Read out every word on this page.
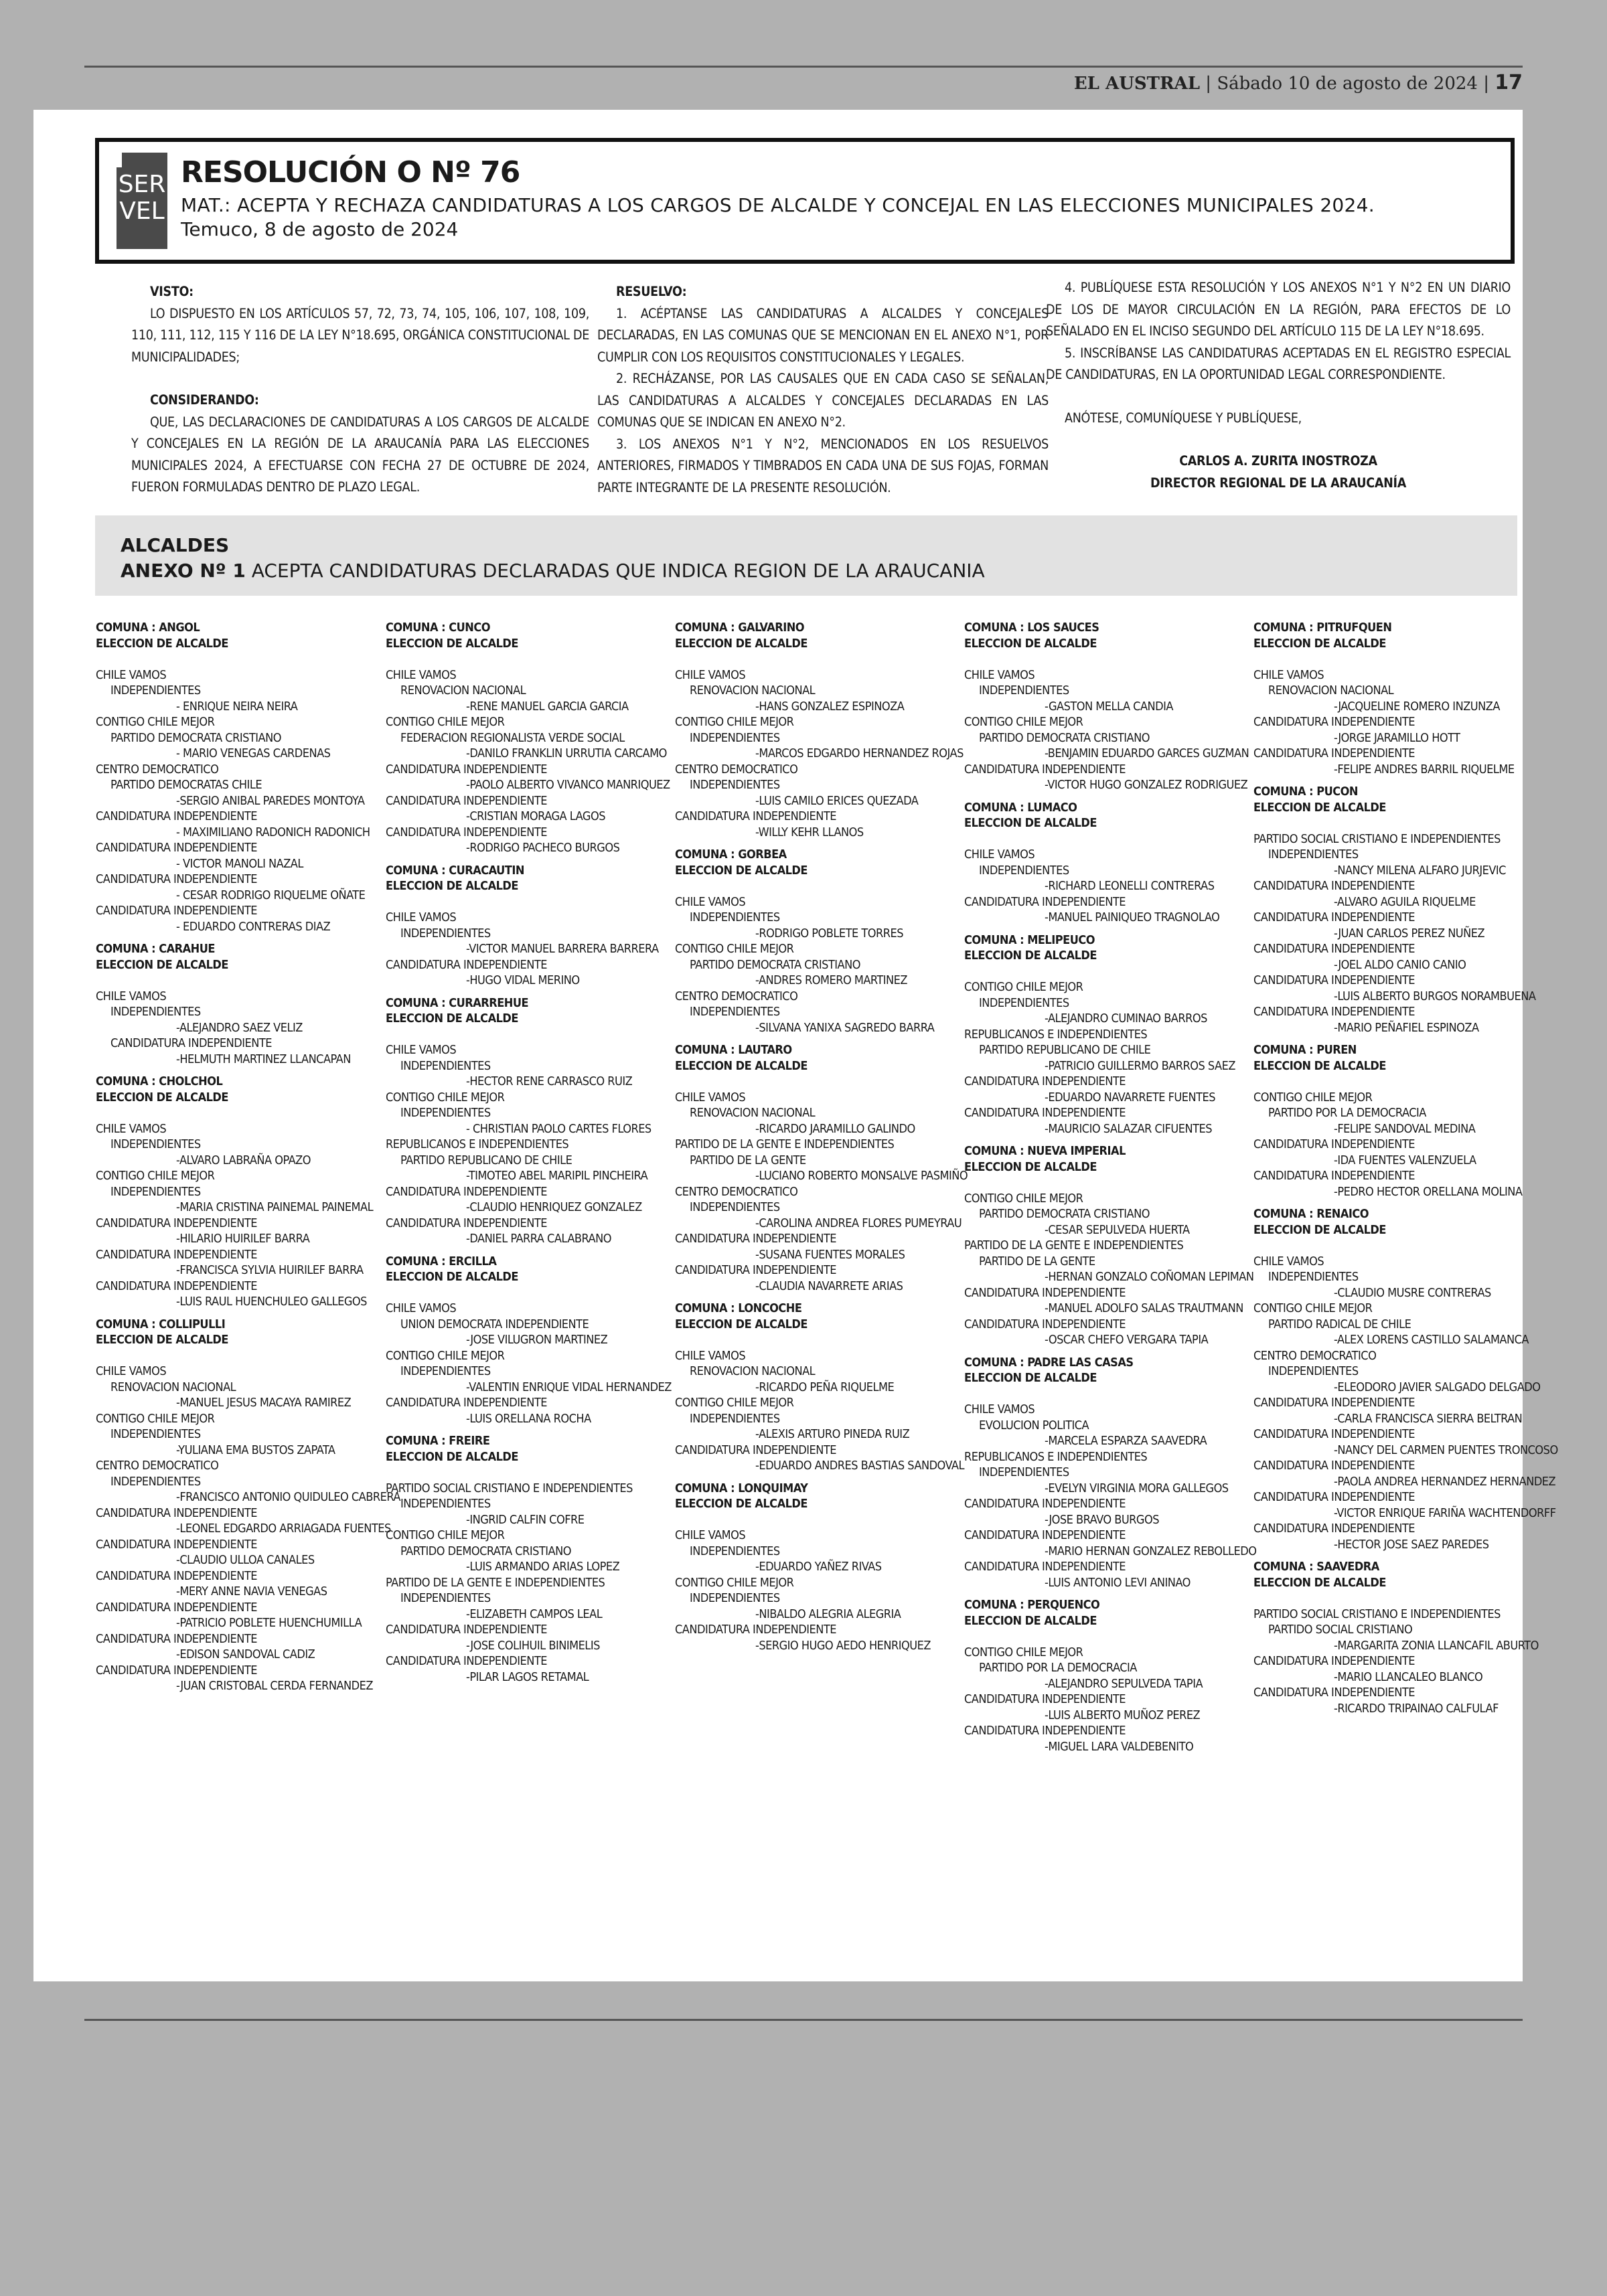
EL AUSTRAL | Sábado 10 de agosto de 2024 | 17
SER
VEL
RESOLUCIÓN O Nº 76
MAT.: ACEPTA Y RECHAZA CANDIDATURAS A LOS CARGOS DE ALCALDE Y CONCEJAL EN LAS ELECCIONES MUNICIPALES 2024.
Temuco, 8 de agosto de 2024
VISTO:

LO DISPUESTO EN LOS ARTÍCULOS 57, 72, 73, 74, 105, 106, 107, 108, 109, 110, 111, 112, 115 Y 116 DE LA LEY N°18.695, ORGÁNICA CONSTITUCIONAL DE MUNICIPALIDADES;

CONSIDERANDO:

QUE, LAS DECLARACIONES DE CANDIDATURAS A LOS CARGOS DE ALCALDE Y CONCEJALES EN LA REGIÓN DE LA ARAUCANÍA PARA LAS ELECCIONES MUNICIPALES 2024, A EFECTUARSE CON FECHA 27 DE OCTUBRE DE 2024, FUERON FORMULADAS DENTRO DE PLAZO LEGAL.

RESUELVO:

1. ACÉPTANSE LAS CANDIDATURAS A ALCALDES Y CONCEJALES DECLARADAS, EN LAS COMUNAS QUE SE MENCIONAN EN EL ANEXO N°1, POR CUMPLIR CON LOS REQUISITOS CONSTITUCIONALES Y LEGALES.

2. RECHÁZANSE, POR LAS CAUSALES QUE EN CADA CASO SE SEÑALAN, LAS CANDIDATURAS A ALCALDES Y CONCEJALES DECLARADAS EN LAS COMUNAS QUE SE INDICAN EN ANEXO N°2.

3. LOS ANEXOS N°1 Y N°2, MENCIONADOS EN LOS RESUELVOS ANTERIORES, FIRMADOS Y TIMBRADOS EN CADA UNA DE SUS FOJAS, FORMAN PARTE INTEGRANTE DE LA PRESENTE RESOLUCIÓN.

4. PUBLÍQUESE ESTA RESOLUCIÓN Y LOS ANEXOS N°1 Y N°2 EN UN DIARIO DE LOS DE MAYOR CIRCULACIÓN EN LA REGIÓN, PARA EFECTOS DE LO SEÑALADO EN EL INCISO SEGUNDO DEL ARTÍCULO 115 DE LA LEY N°18.695.

5. INSCRÍBANSE LAS CANDIDATURAS ACEPTADAS EN EL REGISTRO ESPECIAL DE CANDIDATURAS, EN LA OPORTUNIDAD LEGAL CORRESPONDIENTE.

ANÓTESE, COMUNÍQUESE Y PUBLÍQUESE,

CARLOS A. ZURITA INOSTROZA
DIRECTOR REGIONAL DE LA ARAUCANÍA
ALCALDES
ANEXO Nº 1 ACEPTA CANDIDATURAS DECLARADAS QUE INDICA REGION DE LA ARAUCANIA
COMUNA : ANGOL
ELECCION DE ALCALDE
CHILE VAMOS
INDEPENDIENTES
- ENRIQUE NEIRA NEIRA
CONTIGO CHILE MEJOR
PARTIDO DEMOCRATA CRISTIANO
- MARIO VENEGAS CARDENAS
CENTRO DEMOCRATICO
PARTIDO DEMOCRATAS CHILE
-SERGIO ANIBAL PAREDES MONTOYA
CANDIDATURA INDEPENDIENTE
- MAXIMILIANO RADONICH RADONICH
CANDIDATURA INDEPENDIENTE
- VICTOR MANOLI NAZAL
CANDIDATURA INDEPENDIENTE
- CESAR RODRIGO RIQUELME OÑATE
CANDIDATURA INDEPENDIENTE
- EDUARDO CONTRERAS DIAZ
COMUNA : CARAHUE
ELECCION DE ALCALDE
CHILE VAMOS
INDEPENDIENTES
-ALEJANDRO SAEZ VELIZ
CANDIDATURA INDEPENDIENTE
-HELMUTH MARTINEZ LLANCAPAN
COMUNA : CHOLCHOL
ELECCION DE ALCALDE
CHILE VAMOS
INDEPENDIENTES
-ALVARO LABRAÑA OPAZO
CONTIGO CHILE MEJOR
INDEPENDIENTES
-MARIA CRISTINA PAINEMAL PAINEMAL
CANDIDATURA INDEPENDIENTE
-HILARIO HUIRILEF BARRA
CANDIDATURA INDEPENDIENTE
-FRANCISCA SYLVIA HUIRILEF BARRA
CANDIDATURA INDEPENDIENTE
-LUIS RAUL HUENCHULEO GALLEGOS
COMUNA : COLLIPULLI
ELECCION DE ALCALDE
CHILE VAMOS
RENOVACION NACIONAL
-MANUEL JESUS MACAYA RAMIREZ
CONTIGO CHILE MEJOR
INDEPENDIENTES
-YULIANA EMA BUSTOS ZAPATA
CENTRO DEMOCRATICO
INDEPENDIENTES
-FRANCISCO ANTONIO QUIDULEO CABRERA
CANDIDATURA INDEPENDIENTE
-LEONEL EDGARDO ARRIAGADA FUENTES
CANDIDATURA INDEPENDIENTE
-CLAUDIO ULLOA CANALES
CANDIDATURA INDEPENDIENTE
-MERY ANNE NAVIA VENEGAS
CANDIDATURA INDEPENDIENTE
-PATRICIO POBLETE HUENCHUMILLA
CANDIDATURA INDEPENDIENTE
-EDISON SANDOVAL CADIZ
CANDIDATURA INDEPENDIENTE
-JUAN CRISTOBAL CERDA FERNANDEZ
COMUNA : CUNCO
ELECCION DE ALCALDE
CHILE VAMOS
RENOVACION NACIONAL
-RENE MANUEL GARCIA GARCIA
CONTIGO CHILE MEJOR
FEDERACION REGIONALISTA VERDE SOCIAL
-DANILO FRANKLIN URRUTIA CARCAMO
CANDIDATURA INDEPENDIENTE
-PAOLO ALBERTO VIVANCO MANRIQUEZ
CANDIDATURA INDEPENDIENTE
-CRISTIAN MORAGA LAGOS
CANDIDATURA INDEPENDIENTE
-RODRIGO PACHECO BURGOS
COMUNA : CURACAUTIN
ELECCION DE ALCALDE
CHILE VAMOS
INDEPENDIENTES
-VICTOR MANUEL BARRERA BARRERA
CANDIDATURA INDEPENDIENTE
-HUGO VIDAL MERINO
COMUNA : CURARREHUE
ELECCION DE ALCALDE
CHILE VAMOS
INDEPENDIENTES
-HECTOR RENE CARRASCO RUIZ
CONTIGO CHILE MEJOR
INDEPENDIENTES
- CHRISTIAN PAOLO CARTES FLORES
REPUBLICANOS E INDEPENDIENTES
PARTIDO REPUBLICANO DE CHILE
-TIMOTEO ABEL MARIPIL PINCHEIRA
CANDIDATURA INDEPENDIENTE
-CLAUDIO HENRIQUEZ GONZALEZ
CANDIDATURA INDEPENDIENTE
-DANIEL PARRA CALABRANO
COMUNA : ERCILLA
ELECCION DE ALCALDE
CHILE VAMOS
UNION DEMOCRATA INDEPENDIENTE
-JOSE VILUGRON MARTINEZ
CONTIGO CHILE MEJOR
INDEPENDIENTES
-VALENTIN ENRIQUE VIDAL HERNANDEZ
CANDIDATURA INDEPENDIENTE
-LUIS ORELLANA ROCHA
COMUNA : FREIRE
ELECCION DE ALCALDE
PARTIDO SOCIAL CRISTIANO E INDEPENDIENTES
INDEPENDIENTES
-INGRID CALFIN COFRE
CONTIGO CHILE MEJOR
PARTIDO DEMOCRATA CRISTIANO
-LUIS ARMANDO ARIAS LOPEZ
PARTIDO DE LA GENTE E INDEPENDIENTES
INDEPENDIENTES
-ELIZABETH CAMPOS LEAL
CANDIDATURA INDEPENDIENTE
-JOSE COLIHUIL BINIMELIS
CANDIDATURA INDEPENDIENTE
-PILAR LAGOS RETAMAL
COMUNA : GALVARINO
ELECCION DE ALCALDE
CHILE VAMOS
RENOVACION NACIONAL
-HANS GONZALEZ ESPINOZA
CONTIGO CHILE MEJOR
INDEPENDIENTES
-MARCOS EDGARDO HERNANDEZ ROJAS
CENTRO DEMOCRATICO
INDEPENDIENTES
-LUIS CAMILO ERICES QUEZADA
CANDIDATURA INDEPENDIENTE
-WILLY KEHR LLANOS
COMUNA : GORBEA
ELECCION DE ALCALDE
CHILE VAMOS
INDEPENDIENTES
-RODRIGO POBLETE TORRES
CONTIGO CHILE MEJOR
PARTIDO DEMOCRATA CRISTIANO
-ANDRES ROMERO MARTINEZ
CENTRO DEMOCRATICO
INDEPENDIENTES
-SILVANA YANIXA SAGREDO BARRA
COMUNA : LAUTARO
ELECCION DE ALCALDE
CHILE VAMOS
RENOVACION NACIONAL
-RICARDO JARAMILLO GALINDO
PARTIDO DE LA GENTE E INDEPENDIENTES
PARTIDO DE LA GENTE
-LUCIANO ROBERTO MONSALVE PASMIÑO
CENTRO DEMOCRATICO
INDEPENDIENTES
-CAROLINA ANDREA FLORES PUMEYRAU
CANDIDATURA INDEPENDIENTE
-SUSANA FUENTES MORALES
CANDIDATURA INDEPENDIENTE
-CLAUDIA NAVARRETE ARIAS
COMUNA : LONCOCHE
ELECCION DE ALCALDE
CHILE VAMOS
RENOVACION NACIONAL
-RICARDO PEÑA RIQUELME
CONTIGO CHILE MEJOR
INDEPENDIENTES
-ALEXIS ARTURO PINEDA RUIZ
CANDIDATURA INDEPENDIENTE
-EDUARDO ANDRES BASTIAS SANDOVAL
COMUNA : LONQUIMAY
ELECCION DE ALCALDE
CHILE VAMOS
INDEPENDIENTES
-EDUARDO YAÑEZ RIVAS
CONTIGO CHILE MEJOR
INDEPENDIENTES
-NIBALDO ALEGRIA ALEGRIA
CANDIDATURA INDEPENDIENTE
-SERGIO HUGO AEDO HENRIQUEZ
COMUNA : LOS SAUCES
ELECCION DE ALCALDE
CHILE VAMOS
INDEPENDIENTES
-GASTON MELLA CANDIA
CONTIGO CHILE MEJOR
PARTIDO DEMOCRATA CRISTIANO
-BENJAMIN EDUARDO GARCES GUZMAN
CANDIDATURA INDEPENDIENTE
-VICTOR HUGO GONZALEZ RODRIGUEZ
COMUNA : LUMACO
ELECCION DE ALCALDE
CHILE VAMOS
INDEPENDIENTES
-RICHARD LEONELLI CONTRERAS
CANDIDATURA INDEPENDIENTE
-MANUEL PAINIQUEO TRAGNOLAO
COMUNA : MELIPEUCO
ELECCION DE ALCALDE
CONTIGO CHILE MEJOR
INDEPENDIENTES
-ALEJANDRO CUMINAO BARROS
REPUBLICANOS E INDEPENDIENTES
PARTIDO REPUBLICANO DE CHILE
-PATRICIO GUILLERMO BARROS SAEZ
CANDIDATURA INDEPENDIENTE
-EDUARDO NAVARRETE FUENTES
CANDIDATURA INDEPENDIENTE
-MAURICIO SALAZAR CIFUENTES
COMUNA : NUEVA IMPERIAL
ELECCION DE ALCALDE
CONTIGO CHILE MEJOR
PARTIDO DEMOCRATA CRISTIANO
-CESAR SEPULVEDA HUERTA
PARTIDO DE LA GENTE E INDEPENDIENTES
PARTIDO DE LA GENTE
-HERNAN GONZALO COÑOMAN LEPIMAN
CANDIDATURA INDEPENDIENTE
-MANUEL ADOLFO SALAS TRAUTMANN
CANDIDATURA INDEPENDIENTE
-OSCAR CHEFO VERGARA TAPIA
COMUNA : PADRE LAS CASAS
ELECCION DE ALCALDE
CHILE VAMOS
EVOLUCION POLITICA
-MARCELA ESPARZA SAAVEDRA
REPUBLICANOS E INDEPENDIENTES
INDEPENDIENTES
-EVELYN VIRGINIA MORA GALLEGOS
CANDIDATURA INDEPENDIENTE
-JOSE BRAVO BURGOS
CANDIDATURA INDEPENDIENTE
-MARIO HERNAN GONZALEZ REBOLLEDO
CANDIDATURA INDEPENDIENTE
-LUIS ANTONIO LEVI ANINAO
COMUNA : PERQUENCO
ELECCION DE ALCALDE
CONTIGO CHILE MEJOR
PARTIDO POR LA DEMOCRACIA
-ALEJANDRO SEPULVEDA TAPIA
CANDIDATURA INDEPENDIENTE
-LUIS ALBERTO MUÑOZ PEREZ
CANDIDATURA INDEPENDIENTE
-MIGUEL LARA VALDEBENITO
COMUNA : PITRUFQUEN
ELECCION DE ALCALDE
CHILE VAMOS
RENOVACION NACIONAL
-JACQUELINE ROMERO INZUNZA
CANDIDATURA INDEPENDIENTE
-JORGE JARAMILLO HOTT
CANDIDATURA INDEPENDIENTE
-FELIPE ANDRES BARRIL RIQUELME
COMUNA : PUCON
ELECCION DE ALCALDE
PARTIDO SOCIAL CRISTIANO E INDEPENDIENTES
INDEPENDIENTES
-NANCY MILENA ALFARO JURJEVIC
CANDIDATURA INDEPENDIENTE
-ALVARO AGUILA RIQUELME
CANDIDATURA INDEPENDIENTE
-JUAN CARLOS PEREZ NUÑEZ
CANDIDATURA INDEPENDIENTE
-JOEL ALDO CANIO CANIO
CANDIDATURA INDEPENDIENTE
-LUIS ALBERTO BURGOS NORAMBUENA
CANDIDATURA INDEPENDIENTE
-MARIO PEÑAFIEL ESPINOZA
COMUNA : PUREN
ELECCION DE ALCALDE
CONTIGO CHILE MEJOR
PARTIDO POR LA DEMOCRACIA
-FELIPE SANDOVAL MEDINA
CANDIDATURA INDEPENDIENTE
-IDA FUENTES VALENZUELA
CANDIDATURA INDEPENDIENTE
-PEDRO HECTOR ORELLANA MOLINA
COMUNA : RENAICO
ELECCION DE ALCALDE
CHILE VAMOS
INDEPENDIENTES
-CLAUDIO MUSRE CONTRERAS
CONTIGO CHILE MEJOR
PARTIDO RADICAL DE CHILE
-ALEX LORENS CASTILLO SALAMANCA
CENTRO DEMOCRATICO
INDEPENDIENTES
-ELEODORO JAVIER SALGADO DELGADO
CANDIDATURA INDEPENDIENTE
-CARLA FRANCISCA SIERRA BELTRAN
CANDIDATURA INDEPENDIENTE
-NANCY DEL CARMEN PUENTES TRONCOSO
CANDIDATURA INDEPENDIENTE
-PAOLA ANDREA HERNANDEZ HERNANDEZ
CANDIDATURA INDEPENDIENTE
-VICTOR ENRIQUE FARIÑA WACHTENDORFF
CANDIDATURA INDEPENDIENTE
-HECTOR JOSE SAEZ PAREDES
COMUNA : SAAVEDRA
ELECCION DE ALCALDE
PARTIDO SOCIAL CRISTIANO E INDEPENDIENTES
PARTIDO SOCIAL CRISTIANO
-MARGARITA ZONIA LLANCAFIL ABURTO
CANDIDATURA INDEPENDIENTE
-MARIO LLANCALEO BLANCO
CANDIDATURA INDEPENDIENTE
-RICARDO TRIPAINAO CALFULAF
